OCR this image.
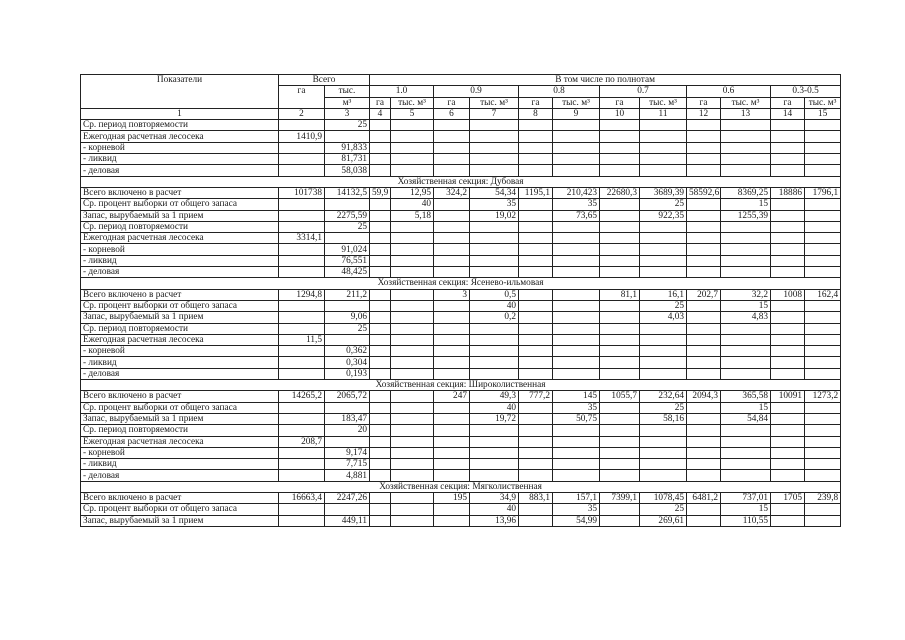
Показатели	Всего		В том числе по полнотам											
	га	тыс.	1.0		0.9		0.8		0.7		0.6		0.3-0.5	
		м³	га	тыс. м³	га	тыс. м³	га	тыс. м³	га	тыс. м³	га	тыс. м³	га	тыс. м³
1	2	3	4	5	6	7	8	9	10	11	12	13	14	15
Ср. период повторяемости		25												
Ежегодная расчетная лесосека	1410,9													
- корневой		91,833												
- ликвид		81,731												
- деловая		58,038												
Хозяйственная секция: Дубовая														
Всего включено в расчет	101738	14132,5	59,9	12,95	324,2	54,34	1195,1	210,423	22680,3	3689,39	58592,6	8369,25	18886	1796,1
Ср. процент выборки от общего запаса				40		35		35		25		15		
Запас, вырубаемый за 1 прием		2275,59		5,18		19,02		73,65		922,35		1255,39		
Ср. период повторяемости		25												
Ежегодная расчетная лесосека	3314,1													
- корневой		91,024												
- ликвид		76,551												
- деловая		48,425												
Хозяйственная секция: Ясенево-ильмовая														
Всего включено в расчет	1294,8	211,2			3	0,5			81,1	16,1	202,7	32,2	1008	162,4
Ср. процент выборки от общего запаса						40				25		15		
Запас, вырубаемый за 1 прием		9,06				0,2				4,03		4,83		
Ср. период повторяемости		25												
Ежегодная расчетная лесосека	11,5													
- корневой		0,362												
- ликвид		0,304												
- деловая		0,193												
Хозяйственная секция: Широколиственная														
Всего включено в расчет	14265,2	2065,72			247	49,3	777,2	145	1055,7	232,64	2094,3	365,58	10091	1273,2
Ср. процент выборки от общего запаса						40		35		25		15		
Запас, вырубаемый за 1 прием		183,47				19,72		50,75		58,16		54,84		
Ср. период повторяемости		20												
Ежегодная расчетная лесосека	208,7													
- корневой		9,174												
- ликвид		7,715												
- деловая		4,881												
Хозяйственная секция: Мягколиственная														
Всего включено в расчет	16663,4	2247,26			195	34,9	883,1	157,1	7399,1	1078,45	6481,2	737,01	1705	239,8
Ср. процент выборки от общего запаса						40		35		25		15		
Запас, вырубаемый за 1 прием		449,11				13,96		54,99		269,61		110,55		
